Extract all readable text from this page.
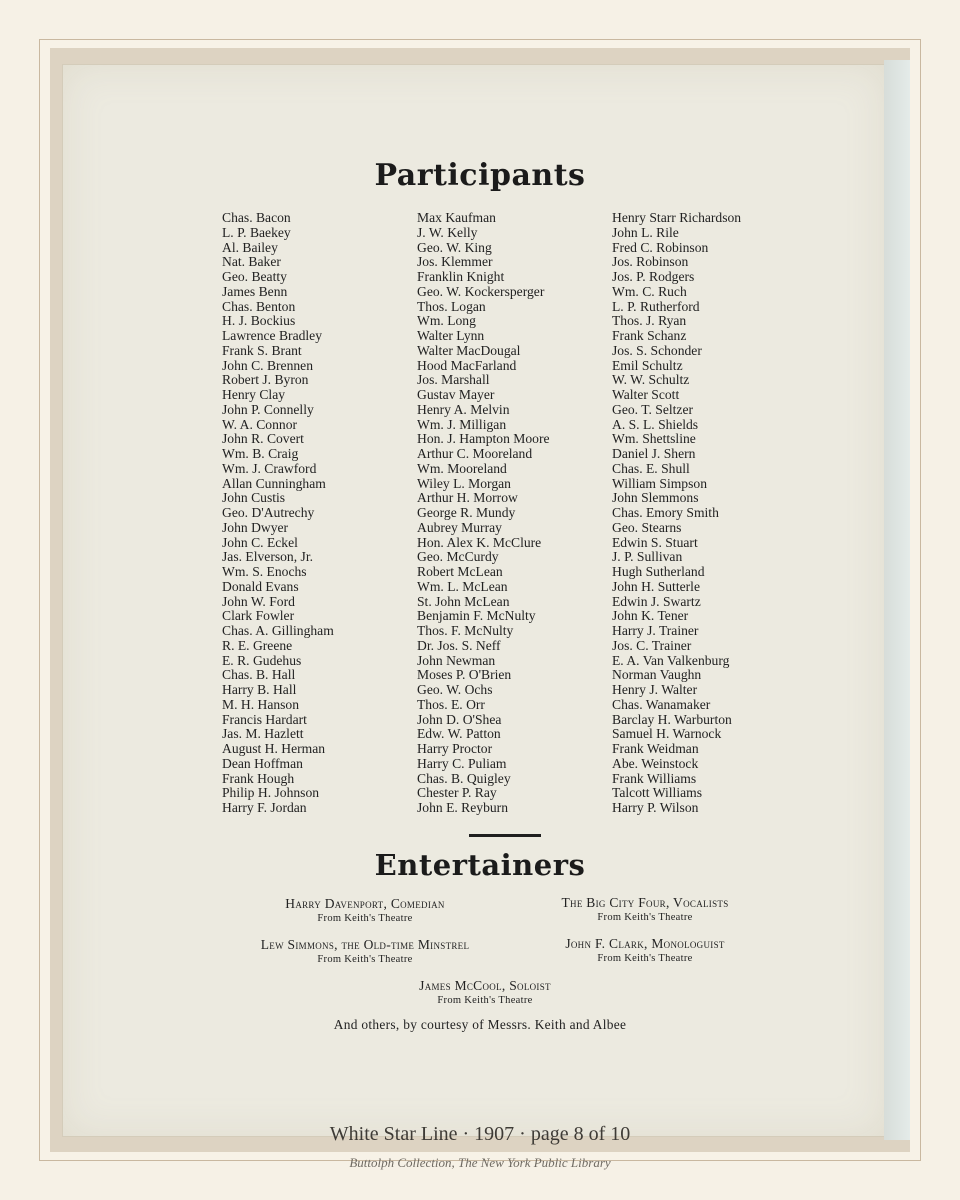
Participants
Chas. Bacon
L. P. Baekey
Al. Bailey
Nat. Baker
Geo. Beatty
James Benn
Chas. Benton
H. J. Bockius
Lawrence Bradley
Frank S. Brant
John C. Brennen
Robert J. Byron
Henry Clay
John P. Connelly
W. A. Connor
John R. Covert
Wm. B. Craig
Wm. J. Crawford
Allan Cunningham
John Custis
Geo. D'Autrechy
John Dwyer
John C. Eckel
Jas. Elverson, Jr.
Wm. S. Enochs
Donald Evans
John W. Ford
Clark Fowler
Chas. A. Gillingham
R. E. Greene
E. R. Gudehus
Chas. B. Hall
Harry B. Hall
M. H. Hanson
Francis Hardart
Jas. M. Hazlett
August H. Herman
Dean Hoffman
Frank Hough
Philip H. Johnson
Harry F. Jordan
Max Kaufman
J. W. Kelly
Geo. W. King
Jos. Klemmer
Franklin Knight
Geo. W. Kockersperger
Thos. Logan
Wm. Long
Walter Lynn
Walter MacDougal
Hood MacFarland
Jos. Marshall
Gustav Mayer
Henry A. Melvin
Wm. J. Milligan
Hon. J. Hampton Moore
Arthur C. Mooreland
Wm. Mooreland
Wiley L. Morgan
Arthur H. Morrow
George R. Mundy
Aubrey Murray
Hon. Alex K. McClure
Geo. McCurdy
Robert McLean
Wm. L. McLean
St. John McLean
Benjamin F. McNulty
Thos. F. McNulty
Dr. Jos. S. Neff
John Newman
Moses P. O'Brien
Geo. W. Ochs
Thos. E. Orr
John D. O'Shea
Edw. W. Patton
Harry Proctor
Harry C. Puliam
Chas. B. Quigley
Chester P. Ray
John E. Reyburn
Henry Starr Richardson
John L. Rile
Fred C. Robinson
Jos. Robinson
Jos. P. Rodgers
Wm. C. Ruch
L. P. Rutherford
Thos. J. Ryan
Frank Schanz
Jos. S. Schonder
Emil Schultz
W. W. Schultz
Walter Scott
Geo. T. Seltzer
A. S. L. Shields
Wm. Shettsline
Daniel J. Shern
Chas. E. Shull
William Simpson
John Slemmons
Chas. Emory Smith
Geo. Stearns
Edwin S. Stuart
J. P. Sullivan
Hugh Sutherland
John H. Sutterle
Edwin J. Swartz
John K. Tener
Harry J. Trainer
Jos. C. Trainer
E. A. Van Valkenburg
Norman Vaughn
Henry J. Walter
Chas. Wanamaker
Barclay H. Warburton
Samuel H. Warnock
Frank Weidman
Abe. Weinstock
Frank Williams
Talcott Williams
Harry P. Wilson
Entertainers
Harry Davenport, Comedian
From Keith's Theatre
The Big City Four, Vocalists
From Keith's Theatre
Lew Simmons, the Old-time Minstrel
From Keith's Theatre
John F. Clark, Monologuist
From Keith's Theatre
James McCool, Soloist
From Keith's Theatre
And others, by courtesy of Messrs. Keith and Albee
White Star Line · 1907 · page 8 of 10
Buttolph Collection, The New York Public Library
